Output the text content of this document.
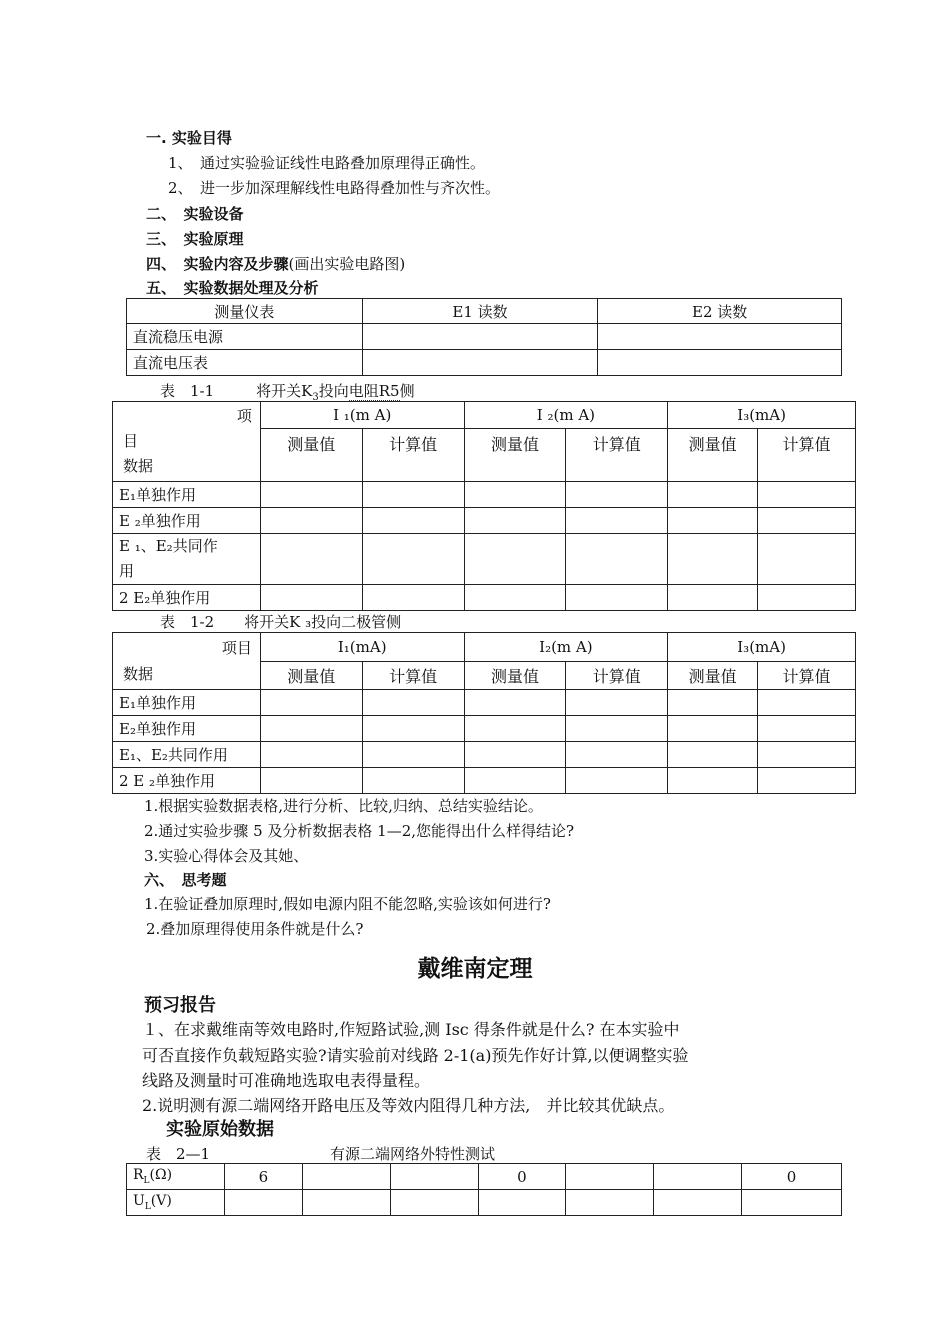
一. 实验目得
1、　通过实验验证线性电路叠加原理得正确性。
2、　进一步加深理解线性电路得叠加性与齐次性。
二、　实验设备
三、　实验原理
四、　实验内容及步骤(画出实验电路图)
五、　实验数据处理及分析
测量仪表	E1 读数	E2 读数
直流稳压电源		
直流电压表		
表　1-1	将开关$K_3$投向电阻R5侧
项
目
数据	I ₁(m A)		I ₂(m A)		I₃(mA)	
	测量值	计算值	测量值	计算值	测量值	计算值
E₁单独作用						
E ₂单独作用						

E ₁、E₂共同作
用						

2 E₂单独作用						
表　1-2　　将开关K ₃投向二极管侧
项目
数据	I₁(mA)		I₂(m A)		I₃(mA)	
	测量值	计算值	测量值	计算值	测量值	计算值
E₁单独作用						
E₂单独作用						
E₁、E₂共同作用						
2 E ₂单独作用						
1.根据实验数据表格,进行分析、比较,归纳、总结实验结论。
2.通过实验步骤 5 及分析数据表格 1—2,您能得出什么样得结论?
3.实验心得体会及其她、
六、　思考题
1.在验证叠加原理时,假如电源内阻不能忽略,实验该如何进行?
2.叠加原理得使用条件就是什么?
戴维南定理
预习报告
１、在求戴维南等效电路时,作短路试验,测 Isc 得条件就是什么? 在本实验中
可否直接作负载短路实验?请实验前对线路 2-1(a)预先作好计算,以便调整实验
线路及测量时可准确地选取电表得量程。
2.说明测有源二端网络开路电压及等效内阻得几种方法,　并比较其优缺点。
实验原始数据
表　2—1	有源二端网络外特性测试
$R_L(\Omega)$	6			0			0
$U_L(V)$							
